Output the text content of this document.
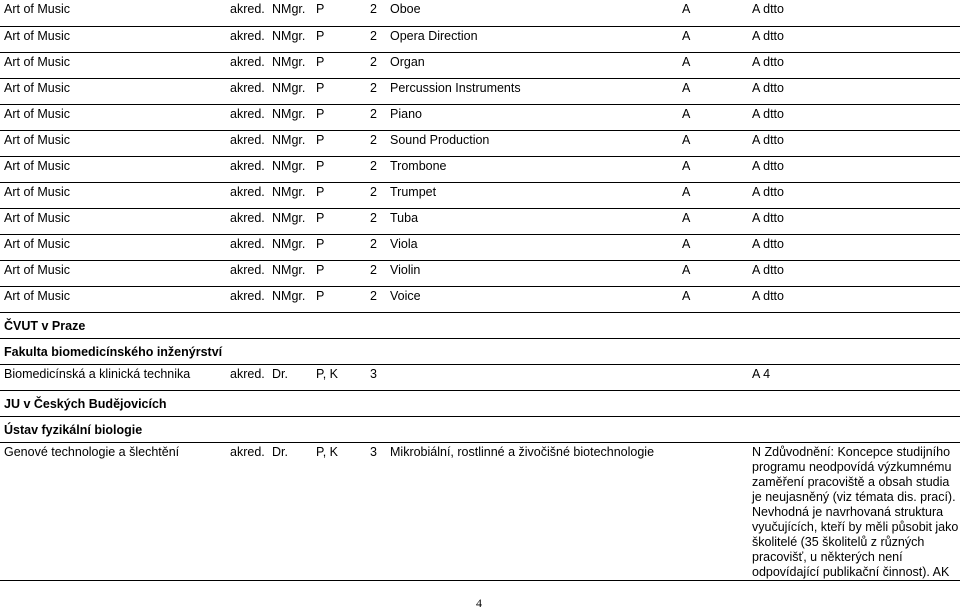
Art of Music	akred.	NMgr.	P	2	Oboe	A	A dtto
Art of Music	akred.	NMgr.	P	2	Opera Direction	A	A dtto
Art of Music	akred.	NMgr.	P	2	Organ	A	A dtto
Art of Music	akred.	NMgr.	P	2	Percussion Instruments	A	A dtto
Art of Music	akred.	NMgr.	P	2	Piano	A	A dtto
Art of Music	akred.	NMgr.	P	2	Sound Production	A	A dtto
Art of Music	akred.	NMgr.	P	2	Trombone	A	A dtto
Art of Music	akred.	NMgr.	P	2	Trumpet	A	A dtto
Art of Music	akred.	NMgr.	P	2	Tuba	A	A dtto
Art of Music	akred.	NMgr.	P	2	Viola	A	A dtto
Art of Music	akred.	NMgr.	P	2	Violin	A	A dtto
Art of Music	akred.	NMgr.	P	2	Voice	A	A dtto
ČVUT v Praze							
Fakulta biomedicínského inženýrství							
Biomedicínská a klinická technika	akred.	Dr.	P, K	3			A 4
JU v Českých Budějovicích							
Ústav fyzikální biologie							
Genové technologie a šlechtění	akred.	Dr.	P, K	3	Mikrobiální, rostlinné a živočišné biotechnologie		N Zdůvodnění: Koncepce studijního programu neodpovídá výzkumnému zaměření pracoviště a obsah studia je neujasněný (viz témata dis. prací). Nevhodná je navrhovaná struktura vyučujících, kteří by měli působit jako školitelé (35 školitelů z různých pracovišť, u některých není odpovídající publikační činnost). AK
4
